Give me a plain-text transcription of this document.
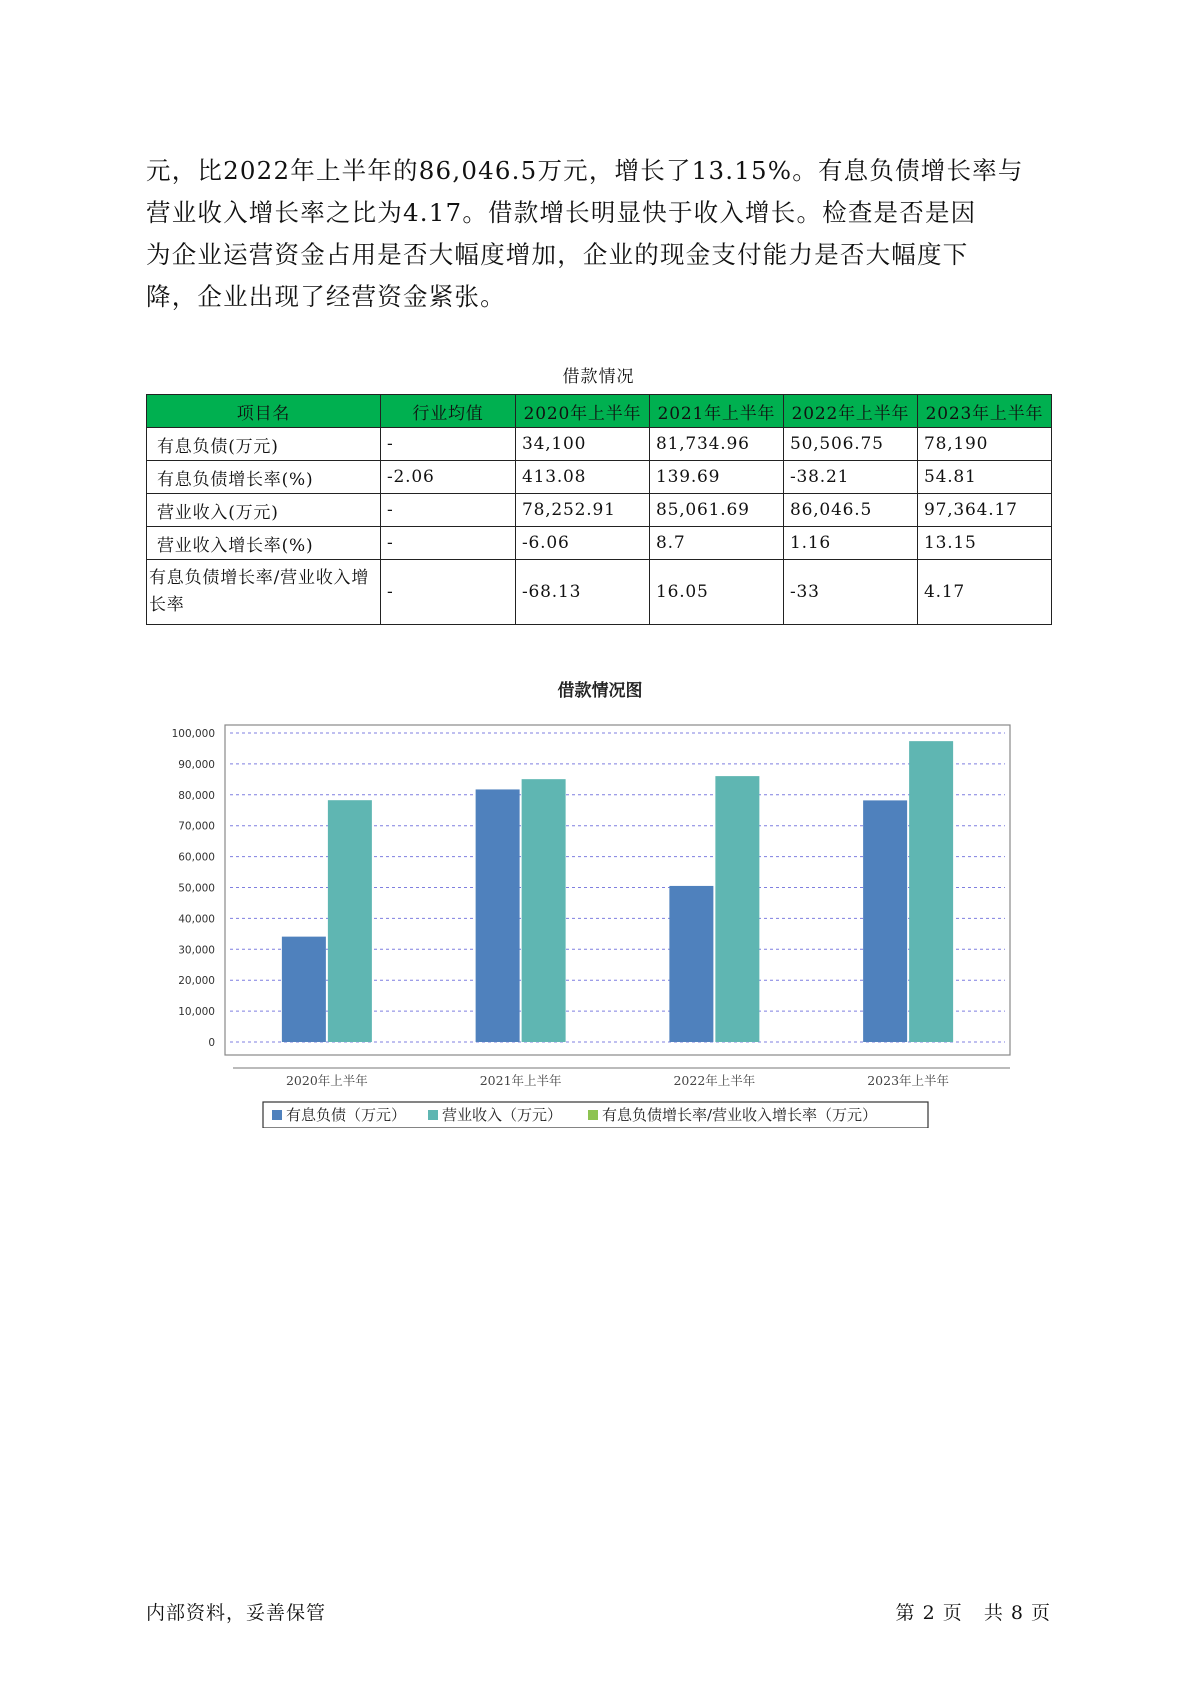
元，比2022年上半年的86,046.5万元，增长了13.15%。有息负债增长率与
营业收入增长率之比为4.17。借款增长明显快于收入增长。检查是否是因
为企业运营资金占用是否大幅度增加，企业的现金支付能力是否大幅度下
降，企业出现了经营资金紧张。
借款情况
项目名	行业均值	2020年上半年	2021年上半年	2022年上半年	2023年上半年
有息负债(万元)	-	34,100	81,734.96	50,506.75	78,190
有息负债增长率(%)	-2.06	413.08	139.69	-38.21	54.81
营业收入(万元)	-	78,252.91	85,061.69	86,046.5	97,364.17
营业收入增长率(%)	-	-6.06	8.7	1.16	13.15
有息负债增长率/营业收入增长率	-	-68.13	16.05	-33	4.17
借款情况图
0
10,000
20,000
30,000
40,000
50,000
60,000
70,000
80,000
90,000
100,000
2020年上半年	2021年上半年	2022年上半年	2023年上半年
有息负债（万元） 营业收入（万元）	有息负债增长率/营业收入增长率（万元）
内部资料，妥善保管	第 2 页   共 8 页
